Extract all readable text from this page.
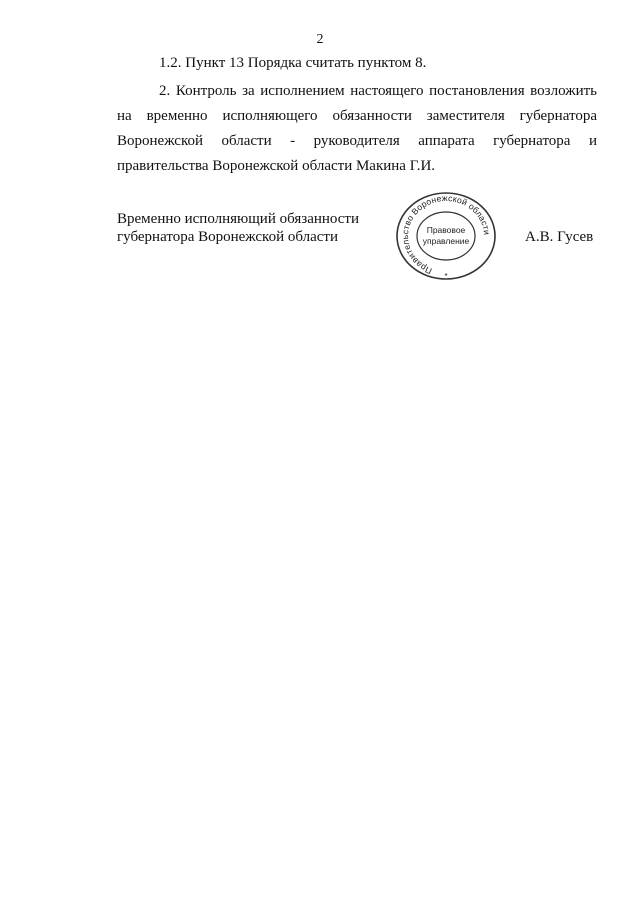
2

1.2. Пункт 13 Порядка считать пунктом 8.

2. Контроль за исполнением настоящего постановления возложить на временно исполняющего обязанности заместителя губернатора Воронежской области - руководителя аппарата губернатора и правительства Воронежской области Макина Г.И.

Временно исполняющий обязанности
губернатора Воронежской области
Правительство Воронежской области
Правовое
управление
*
А.В. Гусев
